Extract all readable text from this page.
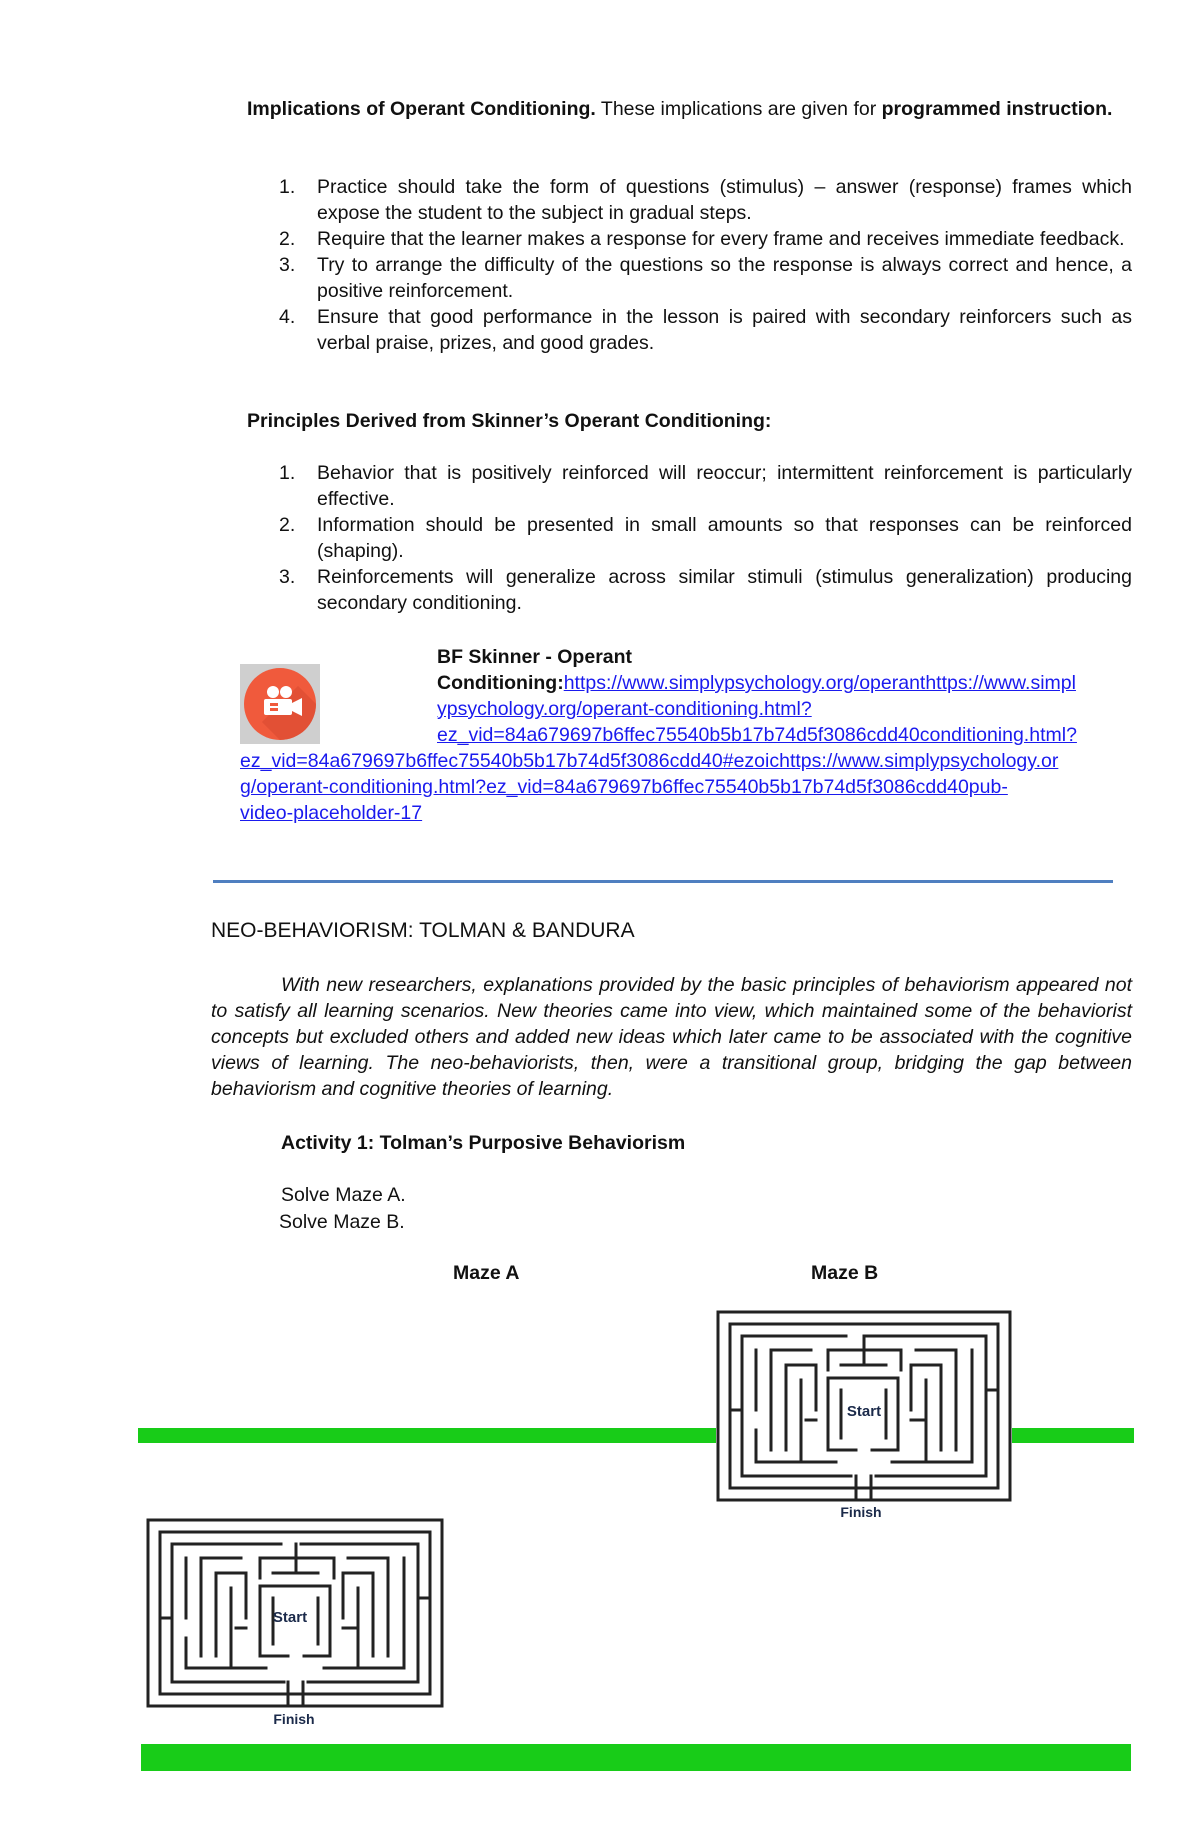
Implications of Operant Conditioning. These implications are given for programmed instruction.
1. Practice should take the form of questions (stimulus) – answer (response) frames which expose the student to the subject in gradual steps.
2. Require that the learner makes a response for every frame and receives immediate feedback.
3. Try to arrange the difficulty of the questions so the response is always correct and hence, a positive reinforcement.
4. Ensure that good performance in the lesson is paired with secondary reinforcers such as verbal praise, prizes, and good grades.
Principles Derived from Skinner’s Operant Conditioning:
1. Behavior that is positively reinforced will reoccur; intermittent reinforcement is particularly effective.
2. Information should be presented in small amounts so that responses can be reinforced (shaping).
3. Reinforcements will generalize across similar stimuli (stimulus generalization) producing secondary conditioning.
BF Skinner - Operant
Conditioning:https://www.simplypsychology.org/operanthttps://www.simpl
ypsychology.org/operant-conditioning.html?
ez_vid=84a679697b6ffec75540b5b17b74d5f3086cdd40conditioning.html?
ez_vid=84a679697b6ffec75540b5b17b74d5f3086cdd40#ezoichttps://www.simplypsychology.or
g/operant-conditioning.html?ez_vid=84a679697b6ffec75540b5b17b74d5f3086cdd40pub-
video-placeholder-17
NEO-BEHAVIORISM: TOLMAN & BANDURA
With new researchers, explanations provided by the basic principles of behaviorism appeared not to satisfy all learning scenarios. New theories came into view, which maintained some of the behaviorist concepts but excluded others and added new ideas which later came to be associated with the cognitive views of learning. The neo-behaviorists, then, were a transitional group, bridging the gap between behaviorism and cognitive theories of learning.
Activity 1: Tolman’s Purposive Behaviorism
Solve Maze A.
Solve Maze B.
Maze A	Maze B
Start
Finish
Start
Finish
